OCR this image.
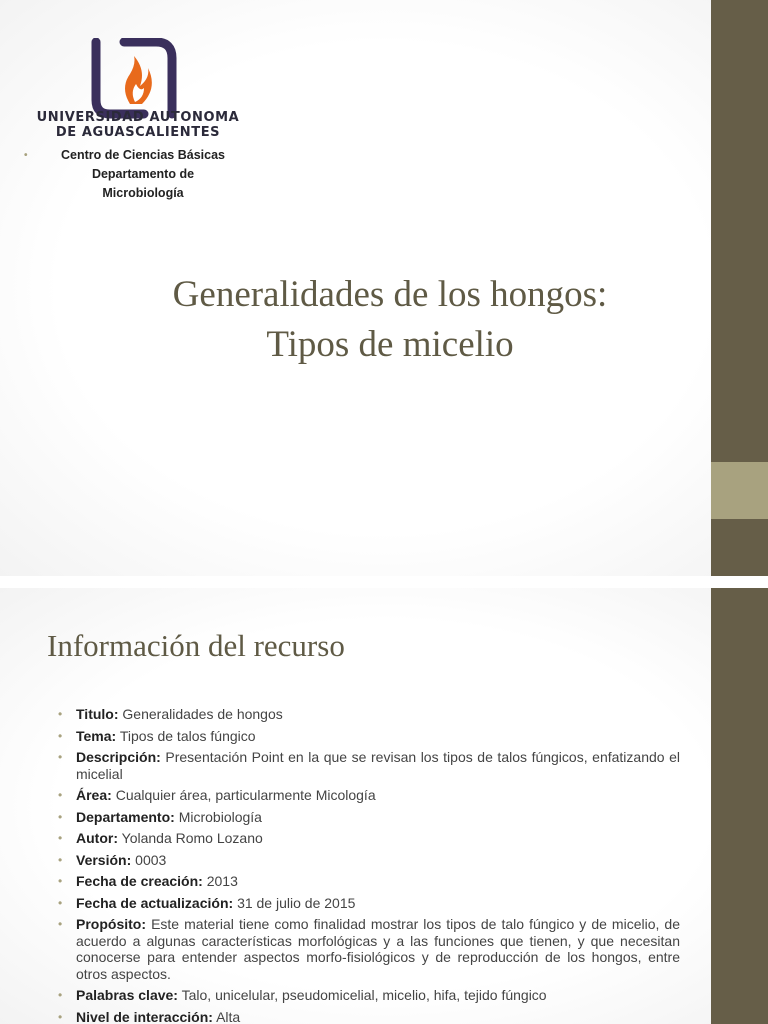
UNIVERSIDAD AUTONOMA
DE AGUASCALIENTES
•	Centro de Ciencias Básicas
Departamento de
Microbiología
Generalidades de los hongos:
Tipos de micelio
Información del recurso
• Titulo: Generalidades de hongos
• Tema: Tipos de talos fúngico
• Descripción: Presentación Point en la que se revisan los tipos de talos fúngicos, enfatizando el micelial
• Área: Cualquier área, particularmente Micología
• Departamento: Microbiología
• Autor: Yolanda Romo Lozano
• Versión: 0003
• Fecha de creación: 2013
• Fecha de actualización: 31 de julio de 2015
• Propósito: Este material tiene como finalidad mostrar los tipos de talo fúngico y de micelio, de acuerdo a algunas características morfológicas y a las funciones que tienen, y que necesitan conocerse para entender aspectos morfo-fisiológicos y de reproducción de los hongos, entre otros aspectos.
• Palabras clave: Talo, unicelular, pseudomicelial, micelio, hifa, tejido fúngico
• Nivel de interacción: Alta
